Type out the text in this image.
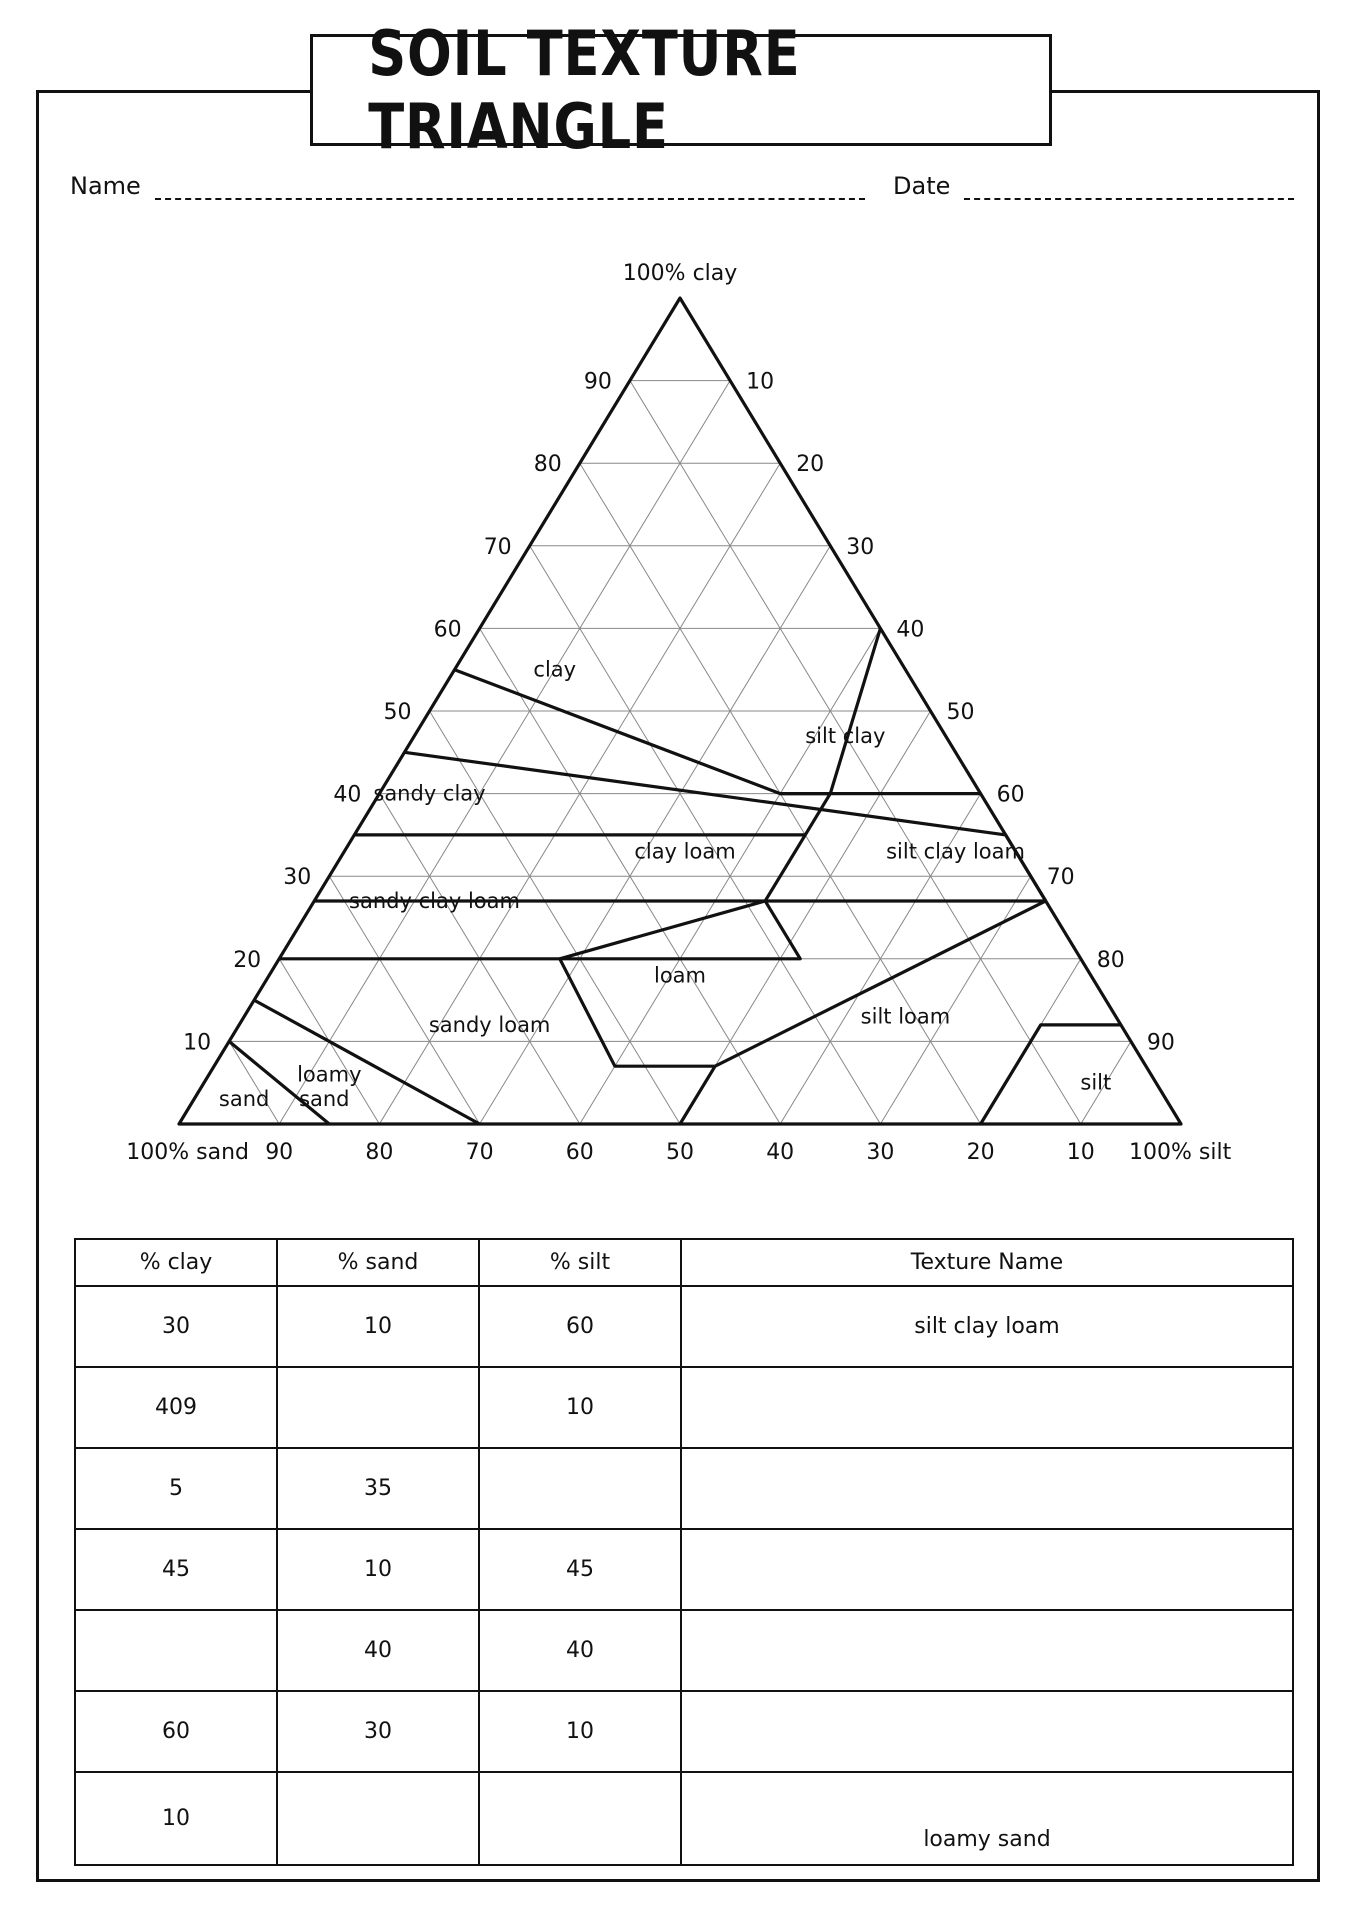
SOIL TEXTURE TRIANGLE
Name	Date
90
80
70
60
50
40
30
20
10
10
20
30
40
50
60
70
80
90
90	80	70	60	50	40	30	20	10
100% clay
100% sand	100% silt
clay
silt clay
sandy clay
clay loam	silt clay loam
sandy clay loam
loam
sandy loam	silt loam
loamy
sand
sand
silt
% clay	% sand	% silt	Texture Name
30	10	60	silt clay loam
409		10	
5	35		
45	10	45	
	40	40	
60	30	10	
10			loamy sand
